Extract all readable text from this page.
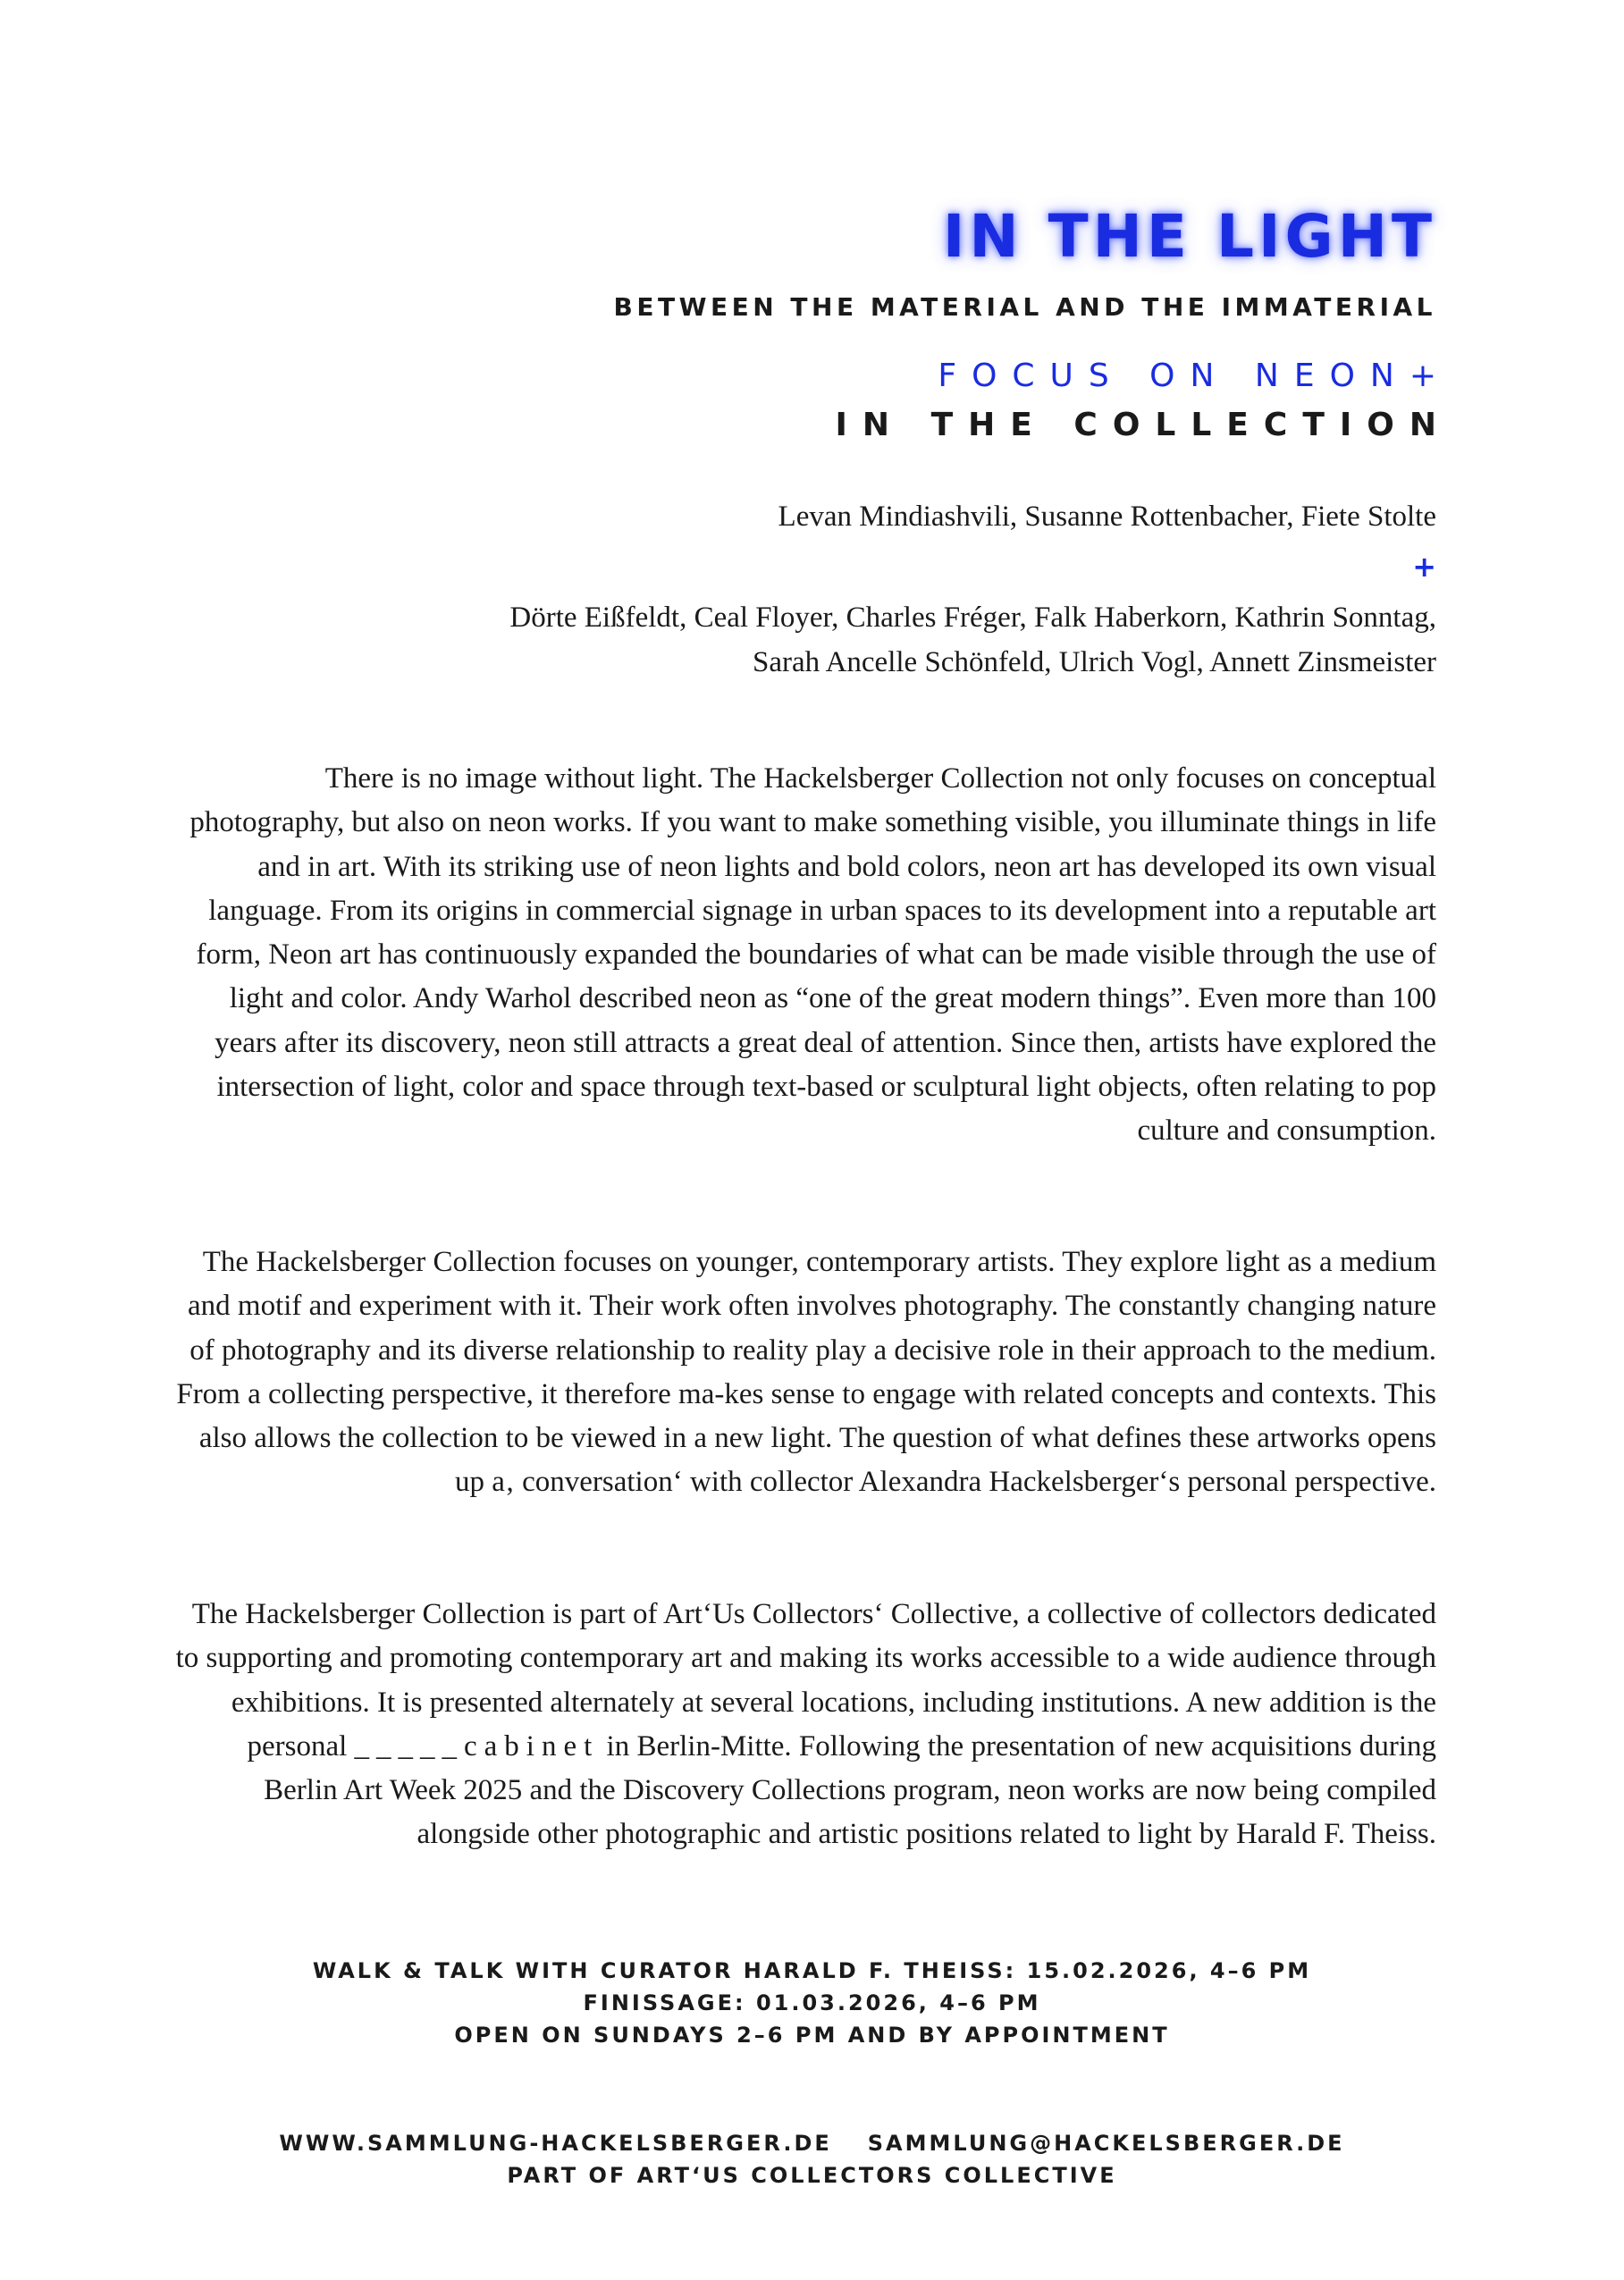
IN THE LIGHT
BETWEEN THE MATERIAL AND THE IMMATERIAL
FOCUS ON NEON+
IN THE COLLECTION
Levan Mindiashvili, Susanne Rottenbacher, Fiete Stolte
+
Dörte Eißfeldt, Ceal Floyer, Charles Fréger, Falk Haberkorn, Kathrin Sonntag,
Sarah Ancelle Schönfeld, Ulrich Vogl, Annett Zinsmeister
There is no image without light. The Hackelsberger Collection not only focuses on conceptual photography, but also on neon works. If you want to make something visible, you illuminate things in life and in art. With its striking use of neon lights and bold colors, neon art has developed its own visual language. From its origins in commercial signage in urban spaces to its development into a reputable art form, Neon art has continuously expanded the boundaries of what can be made visible through the use of light and color. Andy Warhol described neon as “one of the great modern things”. Even more than 100 years after its discovery, neon still attracts a great deal of attention. Since then, artists have explored the intersection of light, color and space through text-based or sculptural light objects, often relating to pop culture and consumption.
The Hackelsberger Collection focuses on younger, contemporary artists. They explore light as a medium and motif and experiment with it. Their work often involves photography. The constantly changing nature of photography and its diverse relationship to reality play a decisive role in their approach to the medium. From a collecting perspective, it therefore ma-kes sense to engage with related concepts and contexts. This also allows the collection to be viewed in a new light. The question of what defines these artworks opens up a‚ conversation‘ with collector Alexandra Hackelsberger‘s personal perspective.
The Hackelsberger Collection is part of Art‘Us Collectors‘ Collective, a collective of collectors dedicated to supporting and promoting contemporary art and making its works accessible to a wide audience through exhibitions. It is presented alternately at several locations, including institutions. A new addition is the personal _____cabinet in Berlin-Mitte. Following the presentation of new acquisitions during Berlin Art Week 2025 and the Discovery Collections program, neon works are now being compiled alongside other photographic and artistic positions related to light by Harald F. Theiss.
WALK & TALK WITH CURATOR HARALD F. THEISS: 15.02.2026, 4–6 PM
FINISSAGE: 01.03.2026, 4–6 PM
OPEN ON SUNDAYS 2–6 PM AND BY APPOINTMENT
WWW.SAMMLUNG-HACKELSBERGER.DE SAMMLUNG@HACKELSBERGER.DE
PART OF ART‘US COLLECTORS COLLECTIVE
